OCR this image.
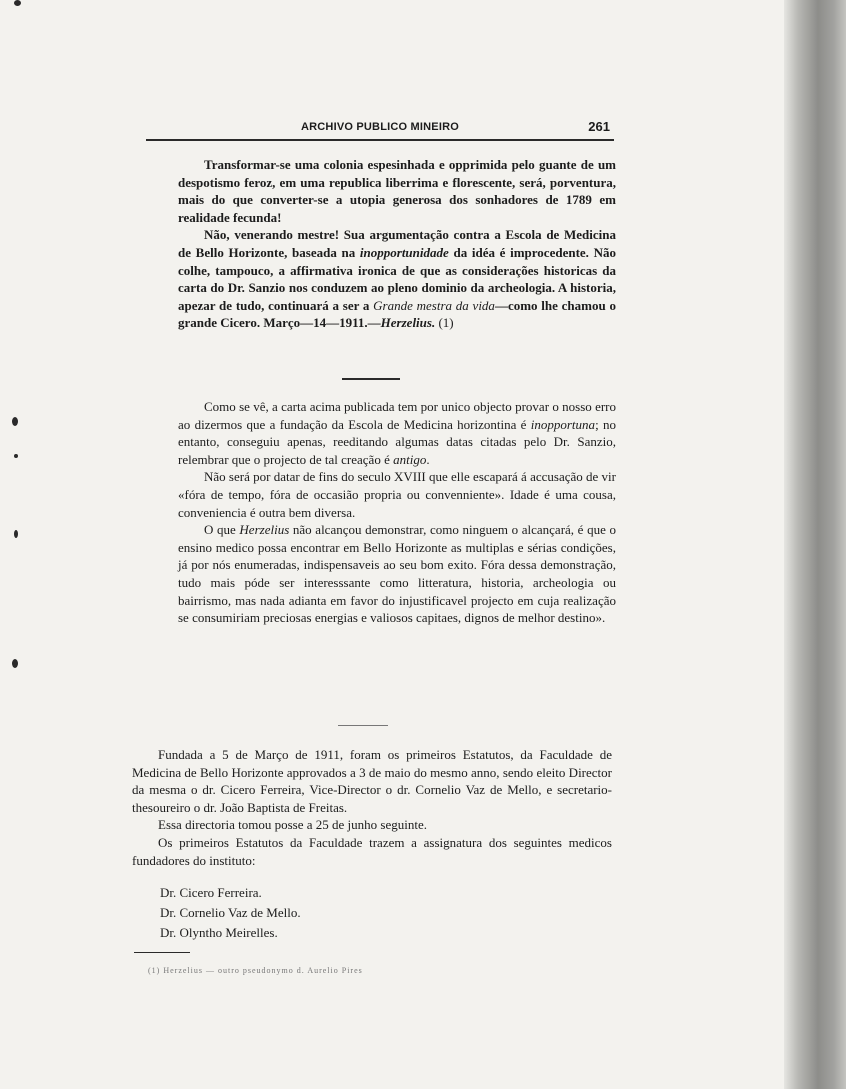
ARCHIVO PUBLICO MINEIRO	261

Transformar-se uma colonia espesinhada e opprimida pelo guante de um despotismo feroz, em uma republica liberrima e florescente, será, porventura, mais do que converter-se a utopia generosa dos sonhadores de 1789 em realidade fecunda!

Não, venerando mestre! Sua argumentação contra a Escola de Medicina de Bello Horizonte, baseada na inopportunidade da idéa é improcedente. Não colhe, tampouco, a affirmativa ironica de que as considerações historicas da carta do Dr. Sanzio nos conduzem ao pleno dominio da archeologia. A historia, apezar de tudo, continuará a ser a Grande mestra da vida—como lhe chamou o grande Cicero. Março—14—1911.—Herzelius. (1)

Como se vê, a carta acima publicada tem por unico objecto provar o nosso erro ao dizermos que a fundação da Escola de Medicina horizontina é inopportuna; no entanto, conseguiu apenas, reeditando algumas datas citadas pelo Dr. Sanzio, relembrar que o projecto de tal creação é antigo.

Não será por datar de fins do seculo XVIII que elle escapará á accusação de vir «fóra de tempo, fóra de occasião propria ou convenniente». Idade é uma cousa, conveniencia é outra bem diversa.

O que Herzelius não alcançou demonstrar, como ninguem o alcançará, é que o ensino medico possa encontrar em Bello Horizonte as multiplas e sérias condições, já por nós enumeradas, indispensaveis ao seu bom exito. Fóra dessa demonstração, tudo mais póde ser interesssante como litteratura, historia, archeologia ou bairrismo, mas nada adianta em favor do injustificavel projecto em cuja realização se consumiriam preciosas energias e valiosos capitaes, dignos de melhor destino».

Fundada a 5 de Março de 1911, foram os primeiros Estatutos, da Faculdade de Medicina de Bello Horizonte approvados a 3 de maio do mesmo anno, sendo eleito Director da mesma o dr. Cicero Ferreira, Vice-Director o dr. Cornelio Vaz de Mello, e secretario-thesoureiro o dr. João Baptista de Freitas.

Essa directoria tomou posse a 25 de junho seguinte.

Os primeiros Estatutos da Faculdade trazem a assignatura dos seguintes medicos fundadores do instituto:

Dr. Cicero Ferreira.
Dr. Cornelio Vaz de Mello.
Dr. Olyntho Meirelles.
(1) Herzelius — outro pseudonymo d. Aurelio Pires
